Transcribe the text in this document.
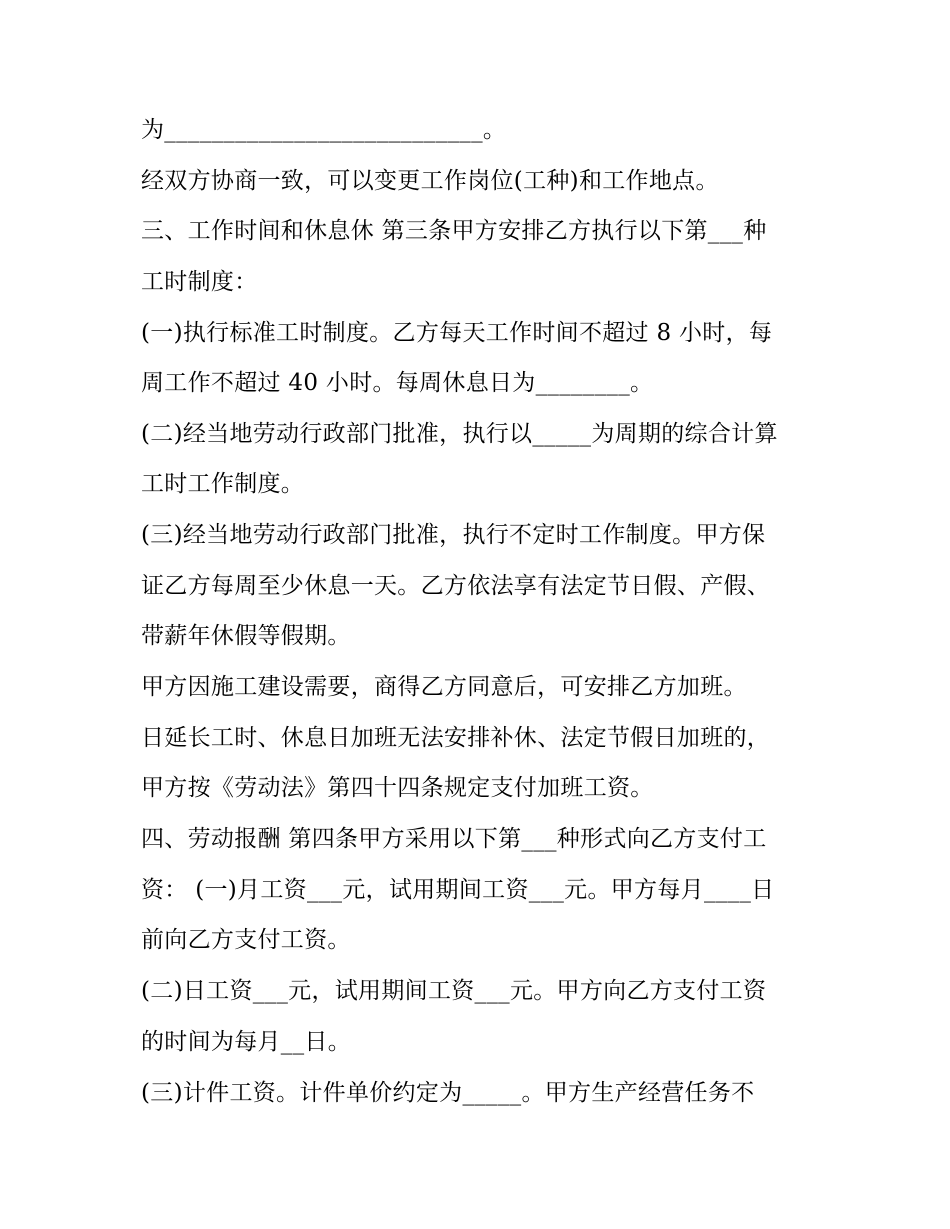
为___________________________。

经双方协商一致，可以变更工作岗位(工种)和工作地点。

三、工作时间和休息休 第三条甲方安排乙方执行以下第___种

工时制度：

(一)执行标准工时制度。乙方每天工作时间不超过 8 小时，每

周工作不超过 40 小时。每周休息日为________。

(二)经当地劳动行政部门批准，执行以_____为周期的综合计算

工时工作制度。

(三)经当地劳动行政部门批准，执行不定时工作制度。甲方保

证乙方每周至少休息一天。乙方依法享有法定节日假、产假、

带薪年休假等假期。

甲方因施工建设需要，商得乙方同意后，可安排乙方加班。

日延长工时、休息日加班无法安排补休、法定节假日加班的，

甲方按《劳动法》第四十四条规定支付加班工资。

四、劳动报酬 第四条甲方采用以下第___种形式向乙方支付工

资： (一)月工资___元，试用期间工资___元。甲方每月____日

前向乙方支付工资。

(二)日工资___元，试用期间工资___元。甲方向乙方支付工资

的时间为每月__日。

(三)计件工资。计件单价约定为_____。甲方生产经营任务不
